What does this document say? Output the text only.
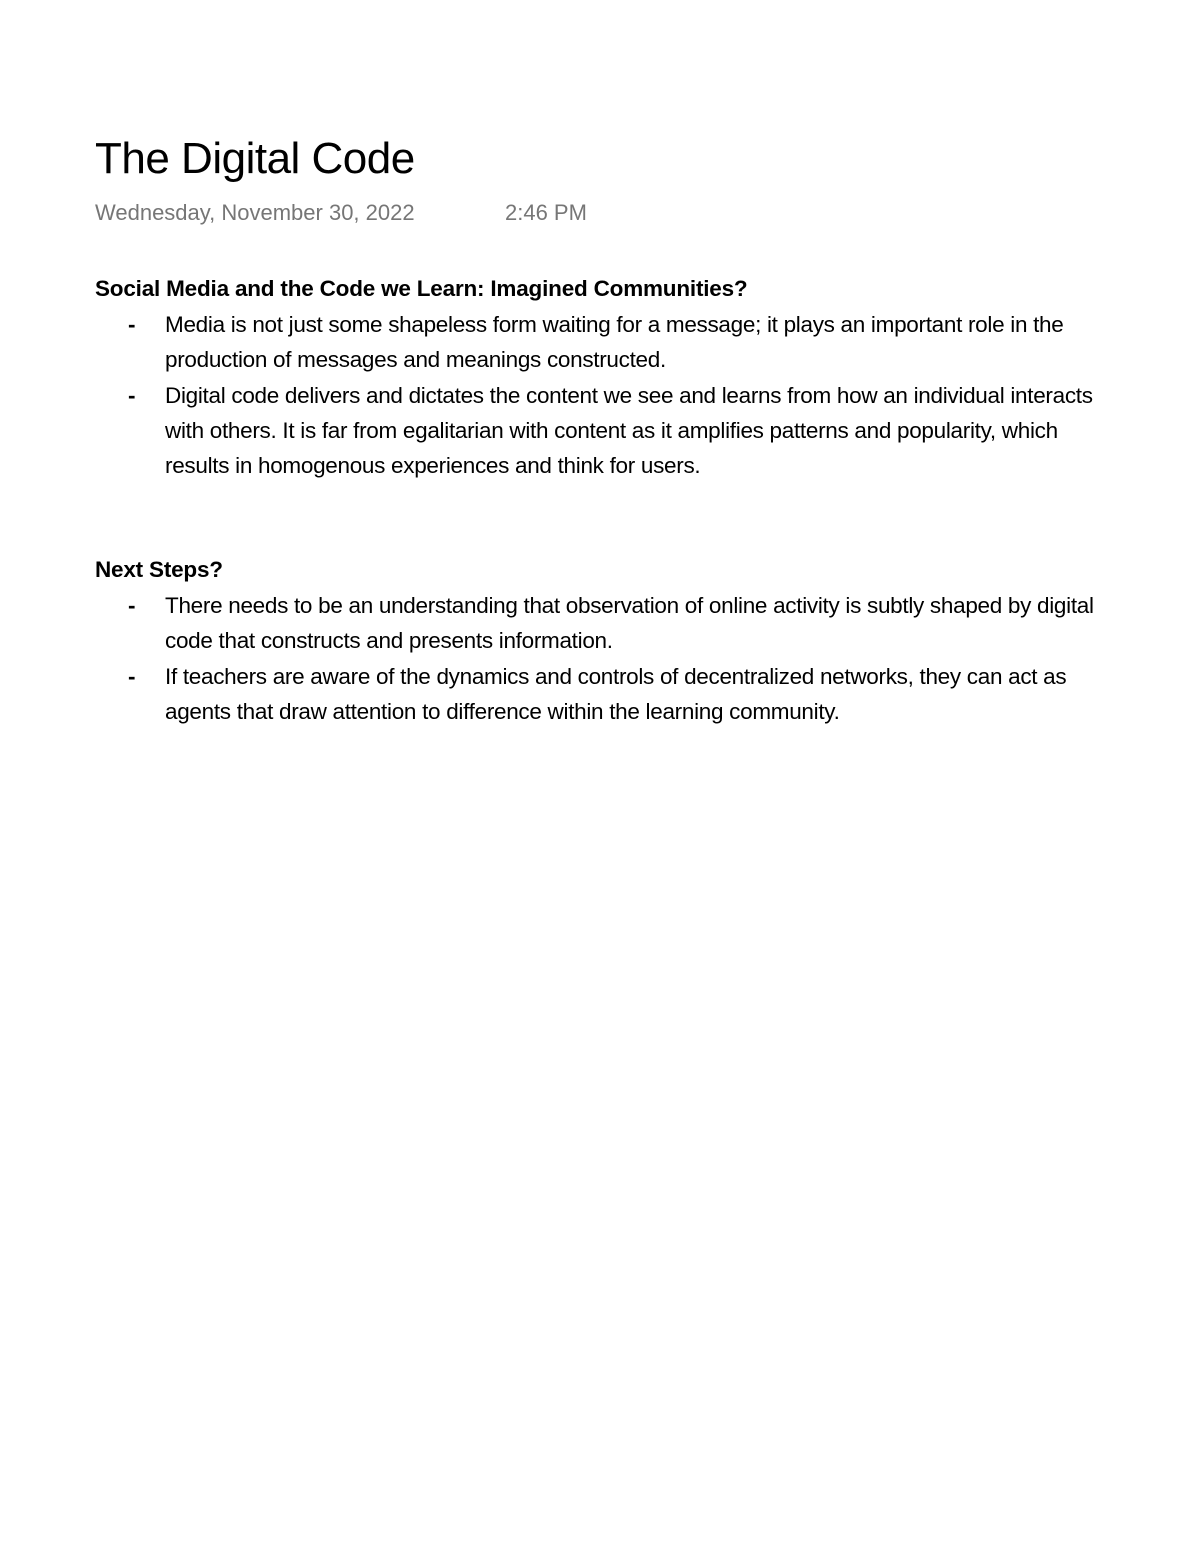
The Digital Code
Wednesday, November 30, 2022	2:46 PM

Social Media and the Code we Learn: Imagined Communities?

- Media is not just some shapeless form waiting for a message; it plays an important role in the production of messages and meanings constructed.
- Digital code delivers and dictates the content we see and learns from how an individual interacts with others. It is far from egalitarian with content as it amplifies patterns and popularity, which results in homogenous experiences and think for users.

Next Steps?

- There needs to be an understanding that observation of online activity is subtly shaped by digital code that constructs and presents information.
- If teachers are aware of the dynamics and controls of decentralized networks, they can act as agents that draw attention to difference within the learning community.
